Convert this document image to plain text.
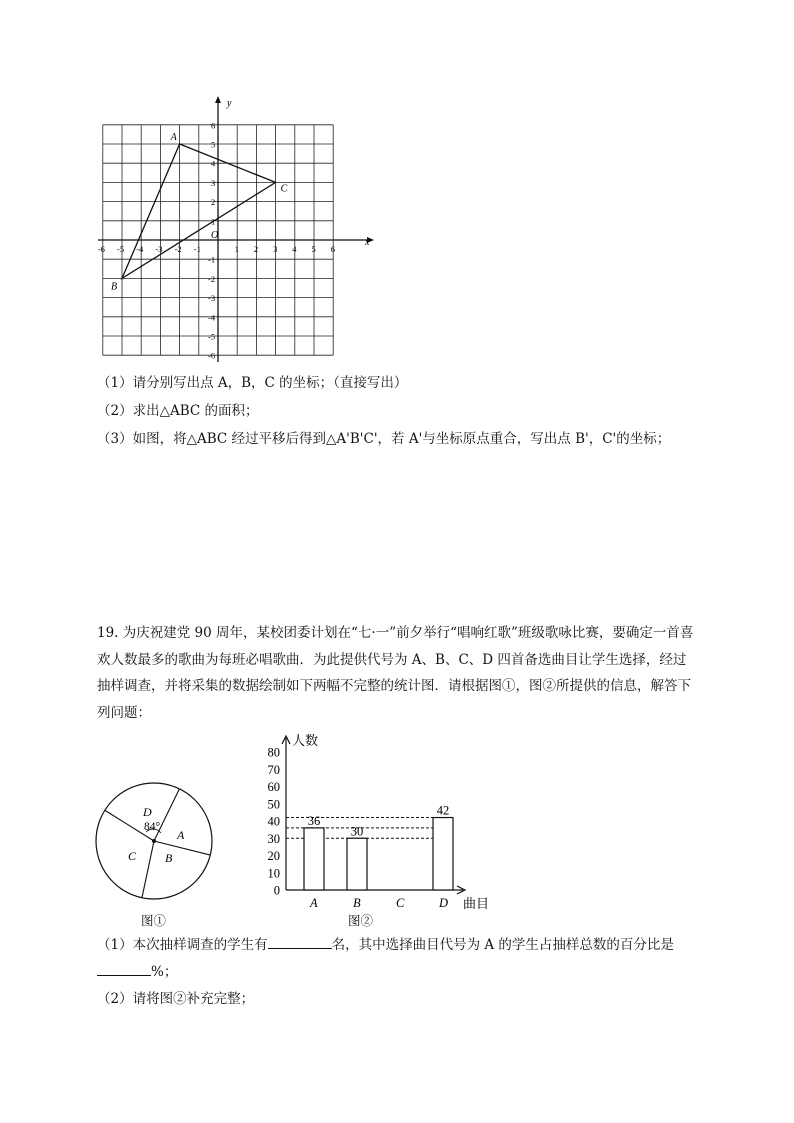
x
y
O
-6 -5 -4 -3 -2 -1	1 2 3 4 5 6
6
5
4
3
2
1
-1
-2
-3
-4
-5
-6
A
B
C
（1）请分别写出点 A，B，C 的坐标；（直接写出）
（2）求出△ABC 的面积；
（3）如图，将△ABC 经过平移后得到△A'B'C'，若 A'与坐标原点重合，写出点 B'，C'的坐标；
19. 为庆祝建党 90 周年，某校团委计划在“七·一”前夕举行“唱响红歌”班级歌咏比赛，要确定一首喜欢人数最多的歌曲为每班必唱歌曲．为此提供代号为 A、B、C、D 四首备选曲目让学生选择，经过抽样调查，并将采集的数据绘制如下两幅不完整的统计图．请根据图①，图②所提供的信息，解答下列问题：
84°
D
A
B
C
图①
人数
曲目
0
10
20
30
40
50
60
70
80
36
30
42
A	B	C	D
图②
（1）本次抽样调查的学生有	名，其中选择曲目代号为 A 的学生占抽样总数的百分比是
%；
（2）请将图②补充完整；
